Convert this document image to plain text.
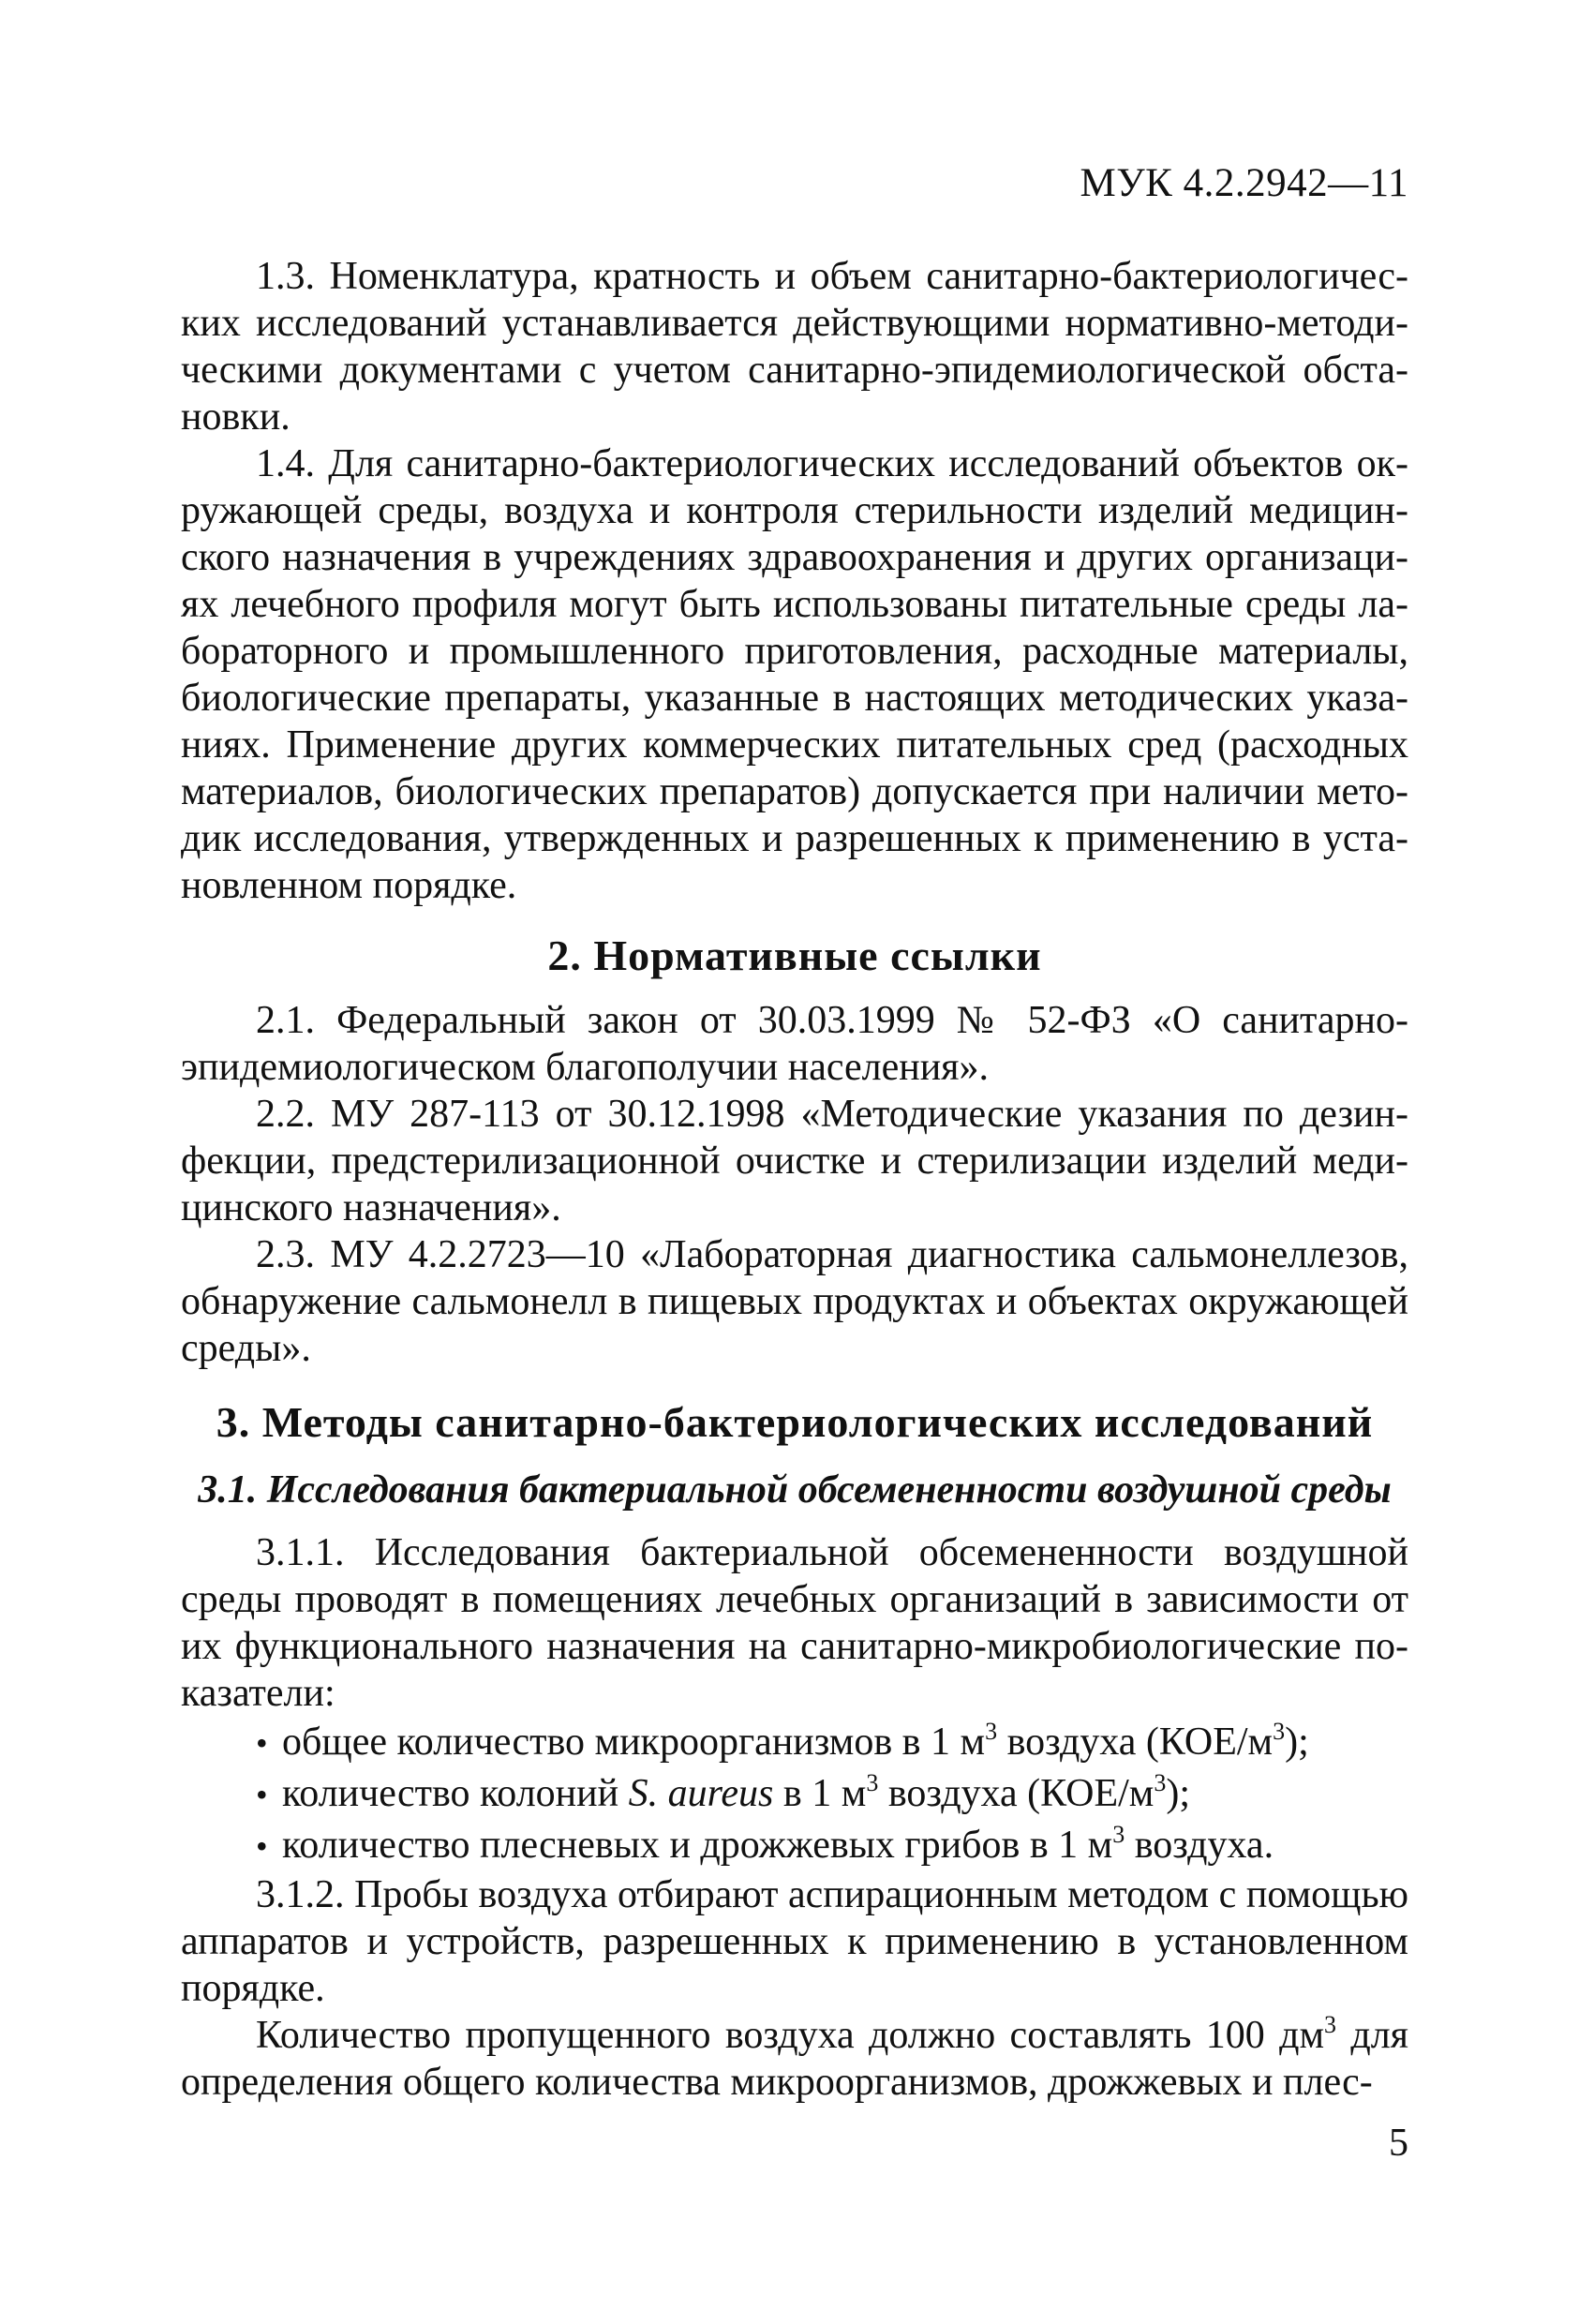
МУК 4.2.2942—11

1.3. Номенклатура, кратность и объем санитарно-бактериологических исследований устанавливается действующими нормативно-методическими документами с учетом санитарно-эпидемиологической обстановки.

1.4. Для санитарно-бактериологических исследований объектов окружающей среды, воздуха и контроля стерильности изделий медицинского назначения в учреждениях здравоохранения и других организациях лечебного профиля могут быть использованы питательные среды лабораторного и промышленного приготовления, расходные материалы, биологические препараты, указанные в настоящих методических указаниях. Применение других коммерческих питательных сред (расходных материалов, биологических препаратов) допускается при наличии методик исследования, утвержденных и разрешенных к применению в установленном порядке.

2. Нормативные ссылки

2.1. Федеральный закон от 30.03.1999 № 52-ФЗ «О санитарно-эпидемиологическом благополучии населения».

2.2. МУ 287-113 от 30.12.1998 «Методические указания по дезинфекции, предстерилизационной очистке и стерилизации изделий медицинского назначения».

2.3. МУ 4.2.2723—10 «Лабораторная диагностика сальмонеллезов, обнаружение сальмонелл в пищевых продуктах и объектах окружающей среды».

3. Методы санитарно-бактериологических исследований
3.1. Исследования бактериальной обсемененности воздушной среды

3.1.1. Исследования бактериальной обсемененности воздушной среды проводят в помещениях лечебных организаций в зависимости от их функционального назначения на санитарно-микробиологические показатели:

• общее количество микроорганизмов в 1 $м^3$ воздуха $(КОЕ/м^3)$;
• количество колоний S. aureus в 1 $м^3$ воздуха $(КОЕ/м^3)$;
• количество плесневых и дрожжевых грибов в 1 $м^3$ воздуха.

3.1.2. Пробы воздуха отбирают аспирационным методом с помощью аппаратов и устройств, разрешенных к применению в установленном порядке.

Количество пропущенного воздуха должно составлять 100 $дм^3$ для определения общего количества микроорганизмов, дрожжевых и плес-

5
